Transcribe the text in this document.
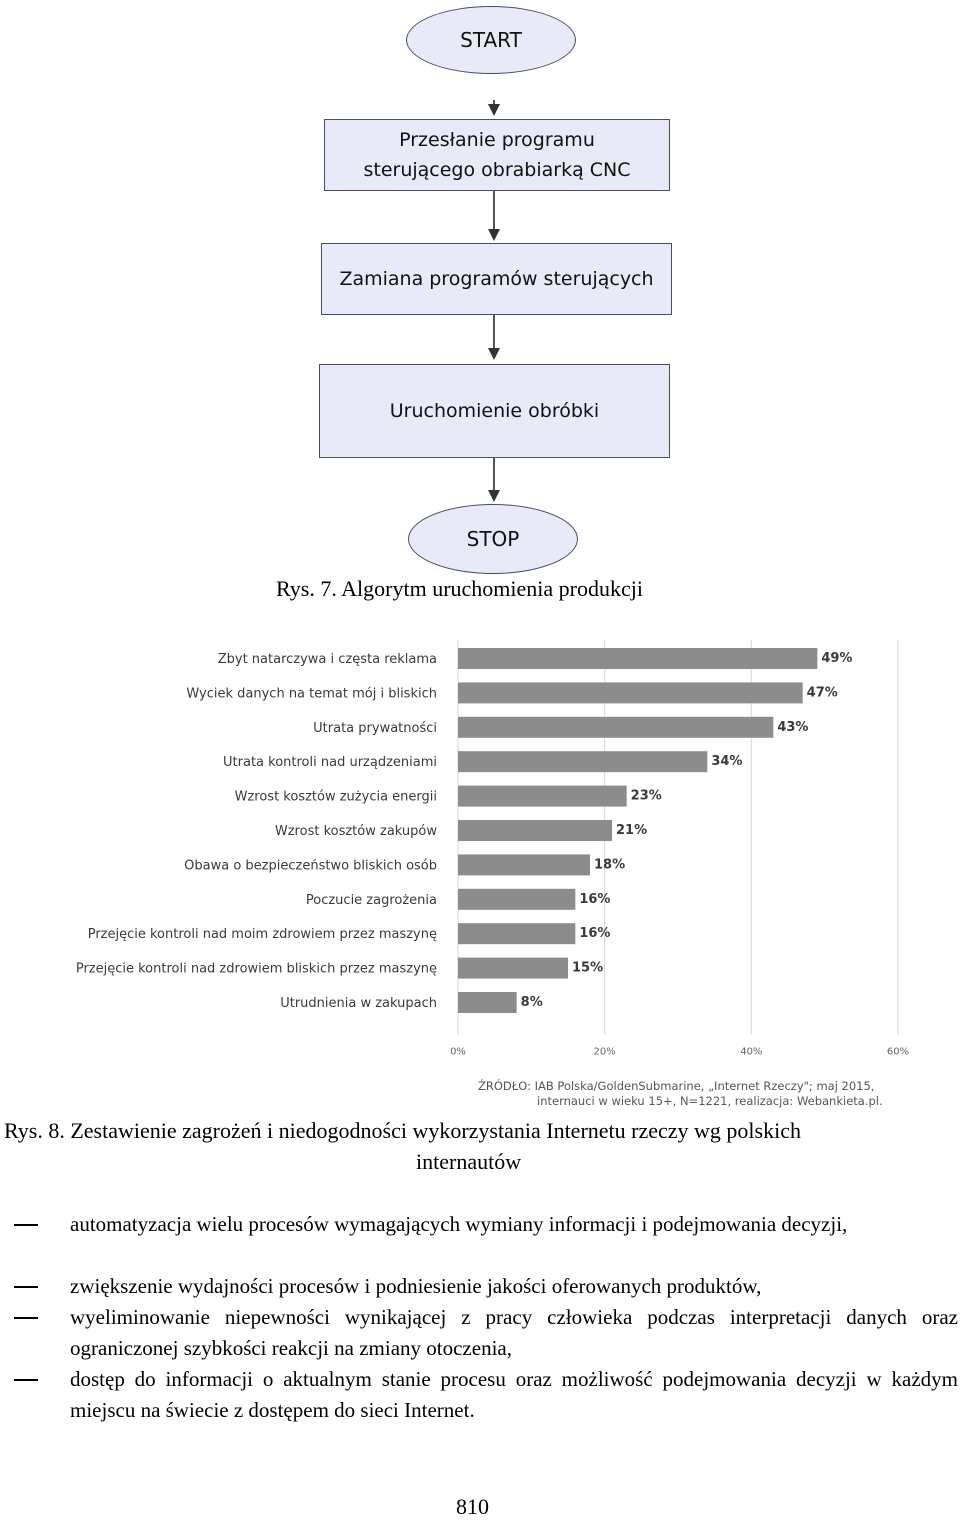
START
Przesłanie programu sterującego obrabiarką CNC
Zamiana programów sterujących
Uruchomienie obróbki
STOP
Rys. 7. Algorytm uruchomienia produkcji
Zbyt natarczywa i częsta reklama
Wyciek danych na temat mój i bliskich
Utrata prywatności
Utrata kontroli nad urządzeniami
Wzrost kosztów zużycia energii
Wzrost kosztów zakupów
Obawa o bezpieczeństwo bliskich osób
Poczucie zagrożenia
Przejęcie kontroli nad moim zdrowiem przez maszynę
Przejęcie kontroli nad zdrowiem bliskich przez maszynę
Utrudnienia w zakupach
49%
47%
43%
34%
23%
21%
18%
16%
16%
15%
8%
0%	20%	40%	60%
ŹRÓDŁO: IAB Polska/GoldenSubmarine, „Internet Rzeczy"; maj 2015,
internauci w wieku 15+, N=1221, realizacja: Webankieta.pl.
Rys. 8. Zestawienie zagrożeń i niedogodności wykorzystania Internetu rzeczy wg polskich
internautów
automatyzacja wielu procesów wymagających wymiany informacji i podejmowania decyzji,
zwiększenie wydajności procesów i podniesienie jakości oferowanych produktów,
wyeliminowanie niepewności wynikającej z pracy człowieka podczas interpretacji danych oraz ograniczonej szybkości reakcji na zmiany otoczenia,
dostęp do informacji o aktualnym stanie procesu oraz możliwość podejmowania decyzji w każdym miejscu na świecie z dostępem do sieci Internet.
810
